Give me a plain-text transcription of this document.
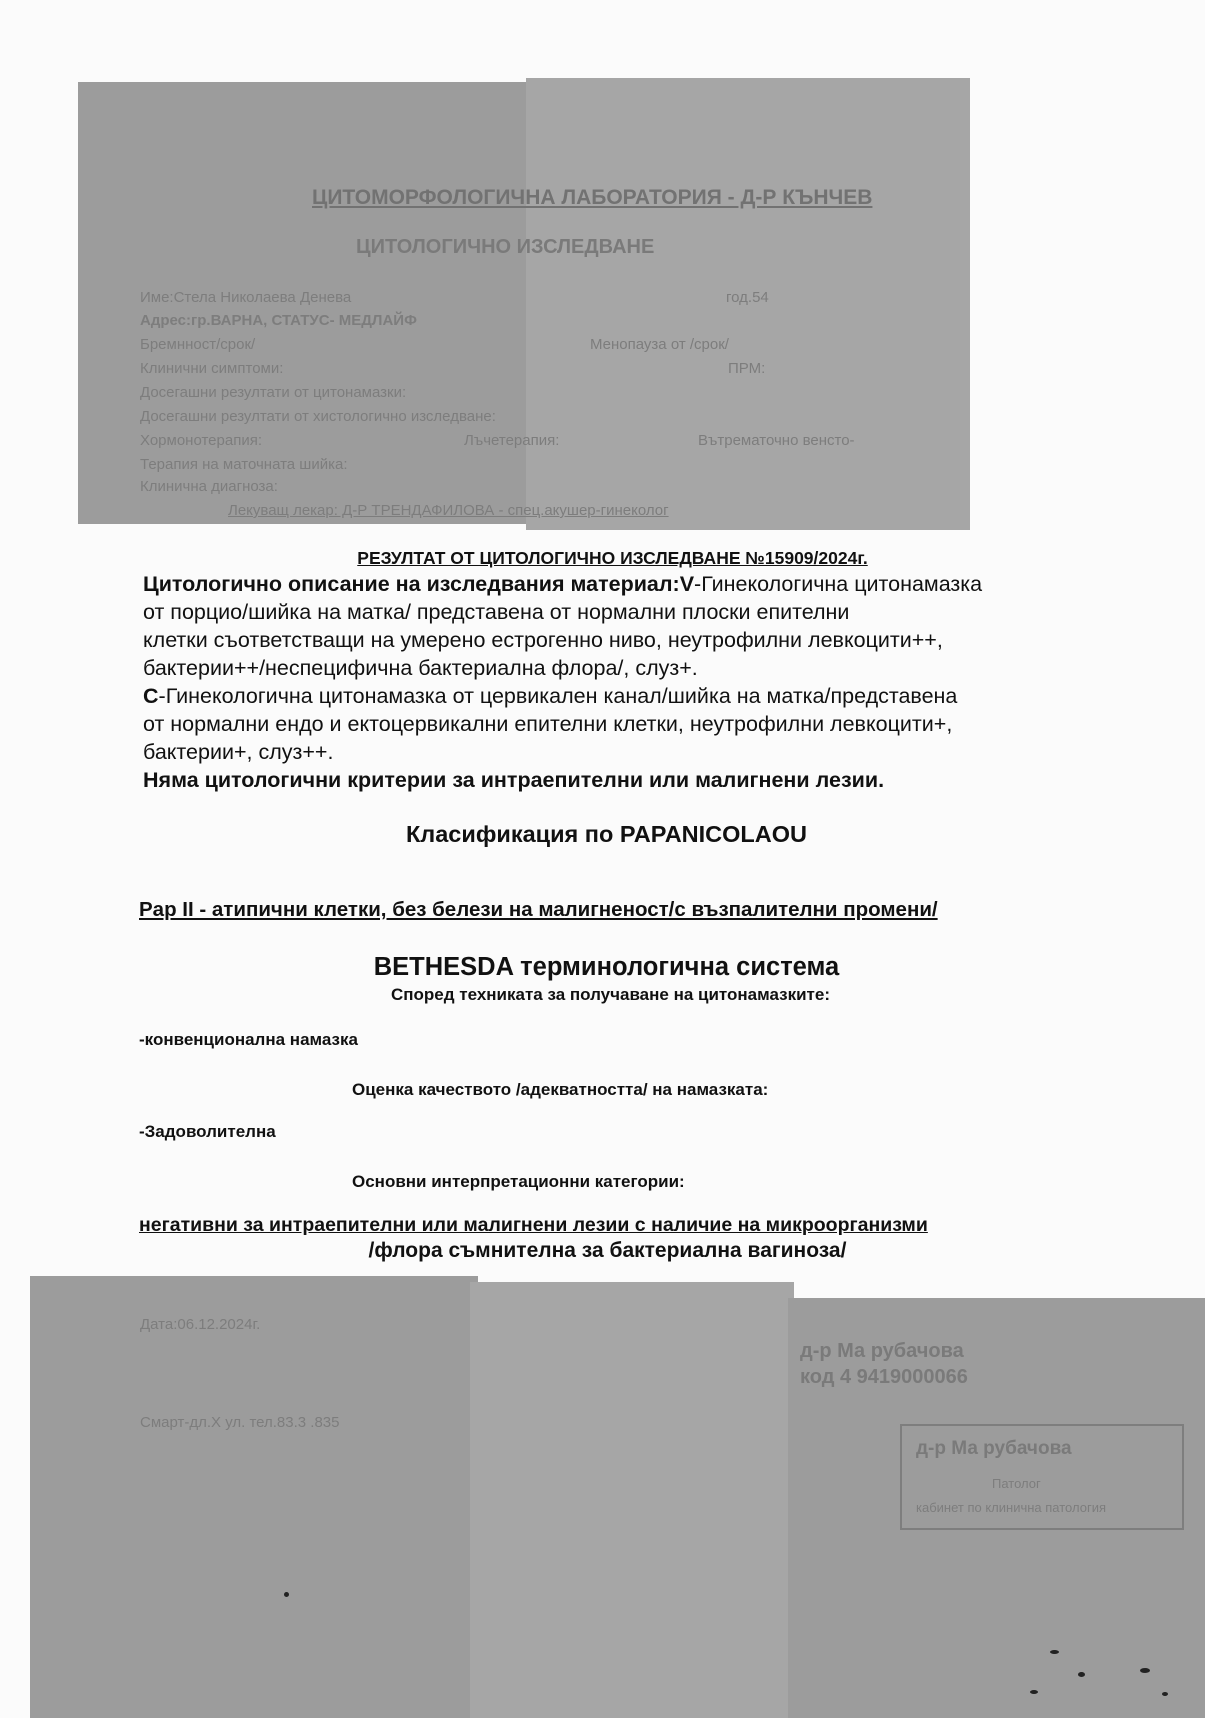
ЦИТОМОРФОЛОГИЧНА ЛАБОРАТОРИЯ - Д-Р КЪНЧЕВ
ЦИТОЛОГИЧНО ИЗСЛЕДВАНЕ
Име:Стела Николаева Денева	год.54
Адрес:гр.ВАРНА, СТАТУС- МЕДЛАЙФ
Бремнност/срок/	Менопауза от /срок/
Клинични симптоми:	ПРМ:
Досегашни резултати от цитонамазки:
Досегашни резултати от хистологично изследване:
Хормонотерапия:	Лъчетерапия:	Вътрематочно венсто-
Терапия на маточната шийка:
Клинична диагноза:
Лекуващ лекар: Д-Р ТРЕНДАФИЛОВА - спец.акушер-гинеколог
РЕЗУЛТАТ ОТ ЦИТОЛОГИЧНО ИЗСЛЕДВАНЕ №15909/2024г.
Цитологично описание на изследвания материал:V-Гинекологична цитонамазка
от порцио/шийка на матка/ представена от нормални плоски епителни
клетки съответстващи на умерено естрогенно ниво, неутрофилни левкоцити++,
бактерии++/неспецифична бактериална флора/, слуз+.
С-Гинекологична цитонамазка от цервикален канал/шийка на матка/представена
от нормални ендо и ектоцервикални епителни клетки, неутрофилни левкоцити+,
бактерии+, слуз++.
Няма цитологични критерии за интраепителни или малигнени лезии.
Класификация по PAPANICOLAOU
Pap II - атипични клетки, без белези на малигненост/с възпалителни промени/
BETHESDA терминологична система
Според техниката за получаване на цитонамазките:
-конвенционална намазка
Оценка качеството /адекватността/ на намазката:
-Задоволителна
Основни интерпретационни категории:
негативни за интраепителни или малигнени лезии с наличие на микроорганизми
/флора съмнителна за бактериална вагиноза/
Дата:06.12.2024г.
д-р Ма рубачова
код 4 9419000066
Смарт-дл.Х ул. тел.83.3 .835
д-р Ма рубачова
Патолог
кабинет по клинична патология
